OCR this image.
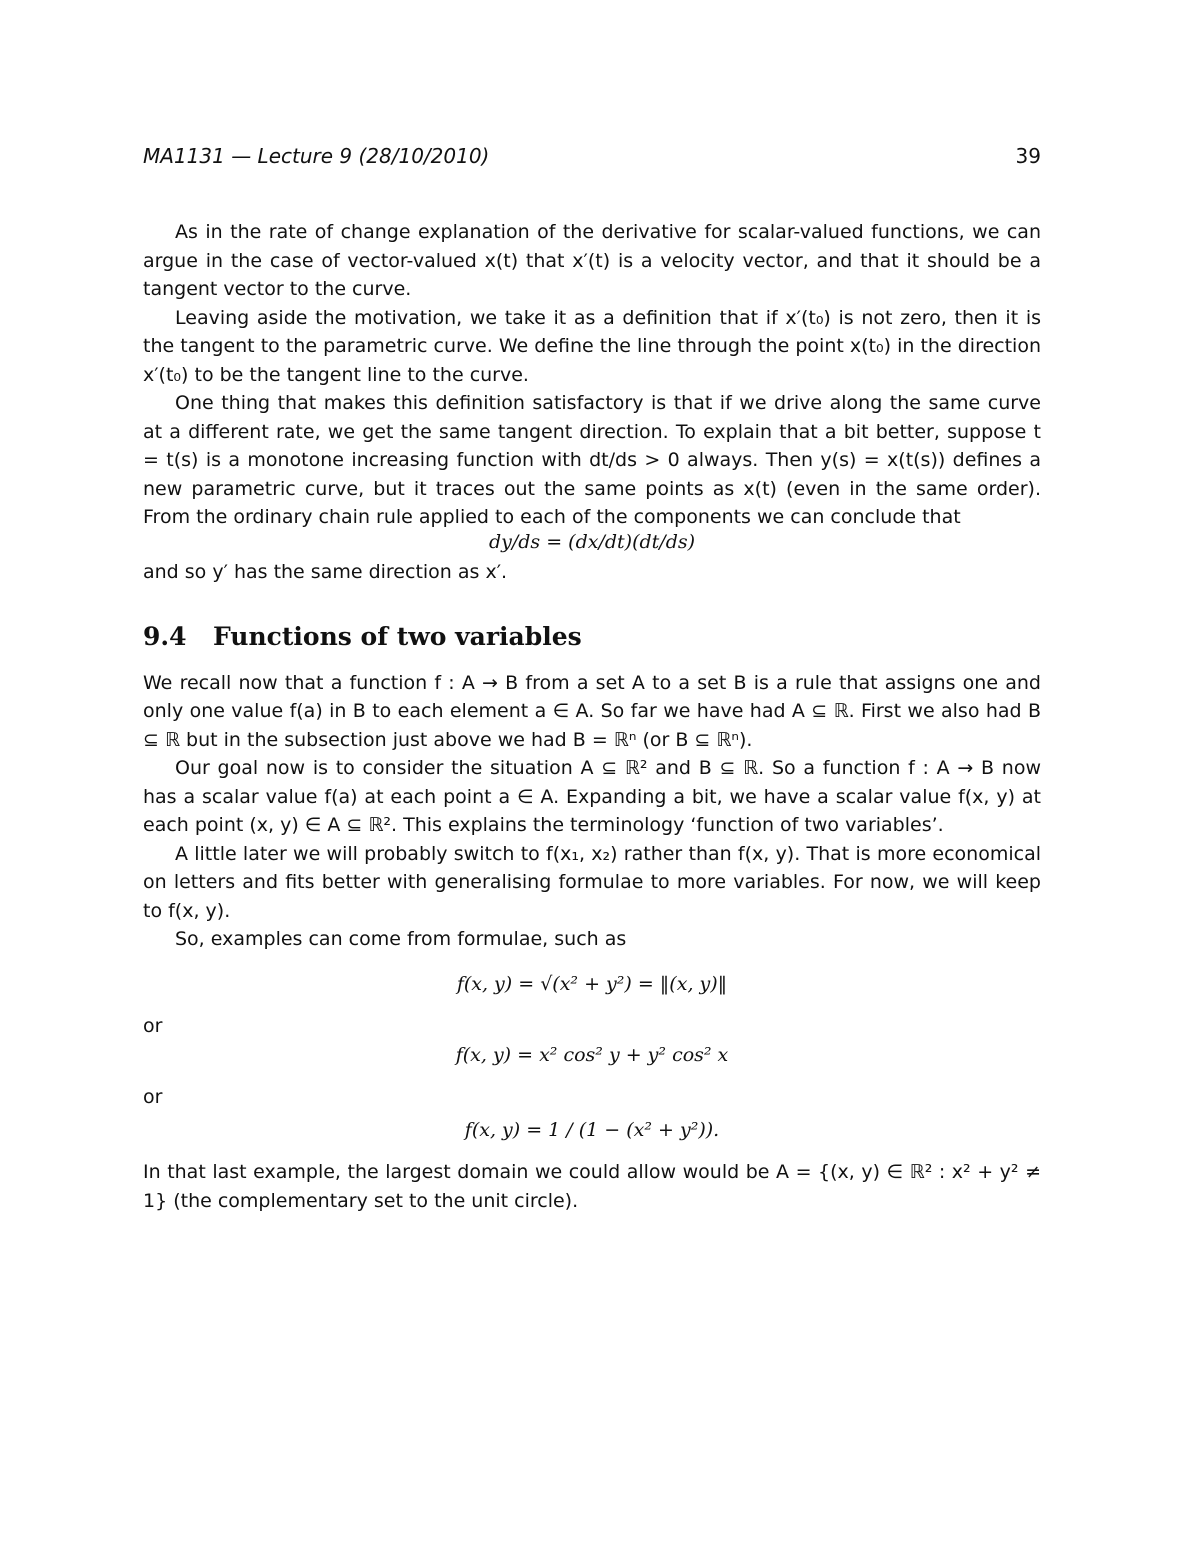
MA1131 — Lecture 9 (28/10/2010)	39

As in the rate of change explanation of the derivative for scalar-valued functions, we can argue in the case of vector-valued x(t) that x′(t) is a velocity vector, and that it should be a tangent vector to the curve.

Leaving aside the motivation, we take it as a definition that if x′(t₀) is not zero, then it is the tangent to the parametric curve. We define the line through the point x(t₀) in the direction x′(t₀) to be the tangent line to the curve.

One thing that makes this definition satisfactory is that if we drive along the same curve at a different rate, we get the same tangent direction. To explain that a bit better, suppose t = t(s) is a monotone increasing function with dt/ds > 0 always. Then y(s) = x(t(s)) defines a new parametric curve, but it traces out the same points as x(t) (even in the same order). From the ordinary chain rule applied to each of the components we can conclude that

dy/ds = (dx/dt)(dt/ds)

and so y′ has the same direction as x′.

9.4 Functions of two variables

We recall now that a function f : A → B from a set A to a set B is a rule that assigns one and only one value f(a) in B to each element a ∈ A. So far we have had A ⊆ ℝ. First we also had B ⊆ ℝ but in the subsection just above we had B = ℝⁿ (or B ⊆ ℝⁿ).

Our goal now is to consider the situation A ⊆ ℝ² and B ⊆ ℝ. So a function f : A → B now has a scalar value f(a) at each point a ∈ A. Expanding a bit, we have a scalar value f(x, y) at each point (x, y) ∈ A ⊆ ℝ². This explains the terminology ‘function of two variables’.

A little later we will probably switch to f(x₁, x₂) rather than f(x, y). That is more economical on letters and fits better with generalising formulae to more variables. For now, we will keep to f(x, y).

So, examples can come from formulae, such as

f(x, y) = √(x² + y²) = ‖(x, y)‖

or

f(x, y) = x² cos² y + y² cos² x

or

f(x, y) = 1 / (1 − (x² + y²)).

In that last example, the largest domain we could allow would be A = {(x, y) ∈ ℝ² : x² + y² ≠ 1} (the complementary set to the unit circle).
